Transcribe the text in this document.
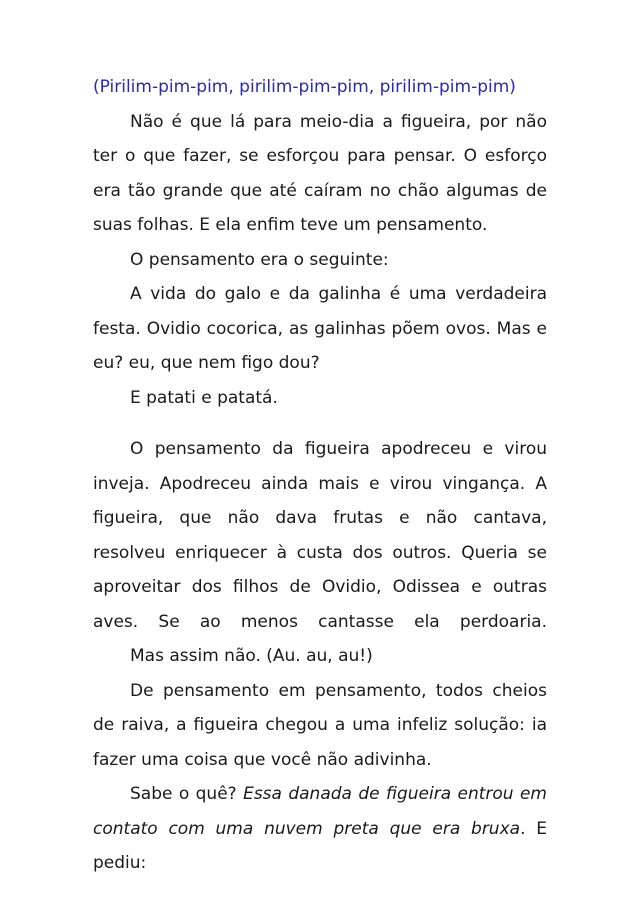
(Pirilim-pim-pim, pirilim-pim-pim, pirilim-pim-pim)

Não é que lá para meio-dia a figueira, por não ter o que fazer, se esforçou para pensar. O esforço era tão grande que até caíram no chão algumas de suas folhas. E ela enfim teve um pensamento.

O pensamento era o seguinte:

A vida do galo e da galinha é uma verdadeira festa. Ovidio cocorica, as galinhas põem ovos. Mas e eu? eu, que nem figo dou?

E patati e patatá.

O pensamento da figueira apodreceu e virou inveja. Apodreceu ainda mais e virou vingança. A figueira, que não dava frutas e não cantava, resolveu enriquecer à custa dos outros. Queria se aproveitar dos filhos de Ovidio, Odissea e outras aves. Se ao menos cantasse ela perdoaria.

Mas assim não. (Au. au, au!)

De pensamento em pensamento, todos cheios de raiva, a figueira chegou a uma infeliz solução: ia fazer uma coisa que você não adivinha.

Sabe o quê? Essa danada de figueira entrou em contato com uma nuvem preta que era bruxa. E pediu:
